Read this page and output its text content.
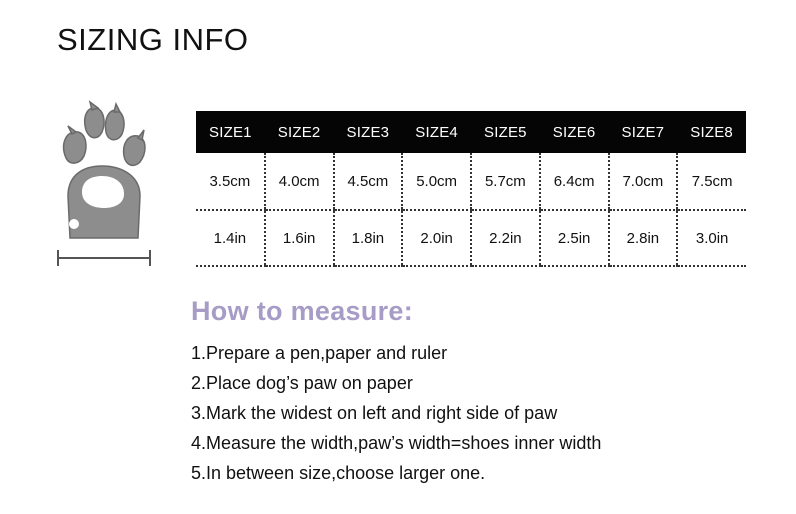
SIZING INFO
SIZE1	SIZE2	SIZE3	SIZE4	SIZE5	SIZE6	SIZE7	SIZE8
3.5cm	4.0cm	4.5cm	5.0cm	5.7cm	6.4cm	7.0cm	7.5cm
1.4in	1.6in	1.8in	2.0in	2.2in	2.5in	2.8in	3.0in
How to measure:
1.Prepare a pen,paper and ruler
2.Place dog’s paw on paper
3.Mark the widest on left and right side of paw
4.Measure the width,paw’s width=shoes inner width
5.In between size,choose larger one.
